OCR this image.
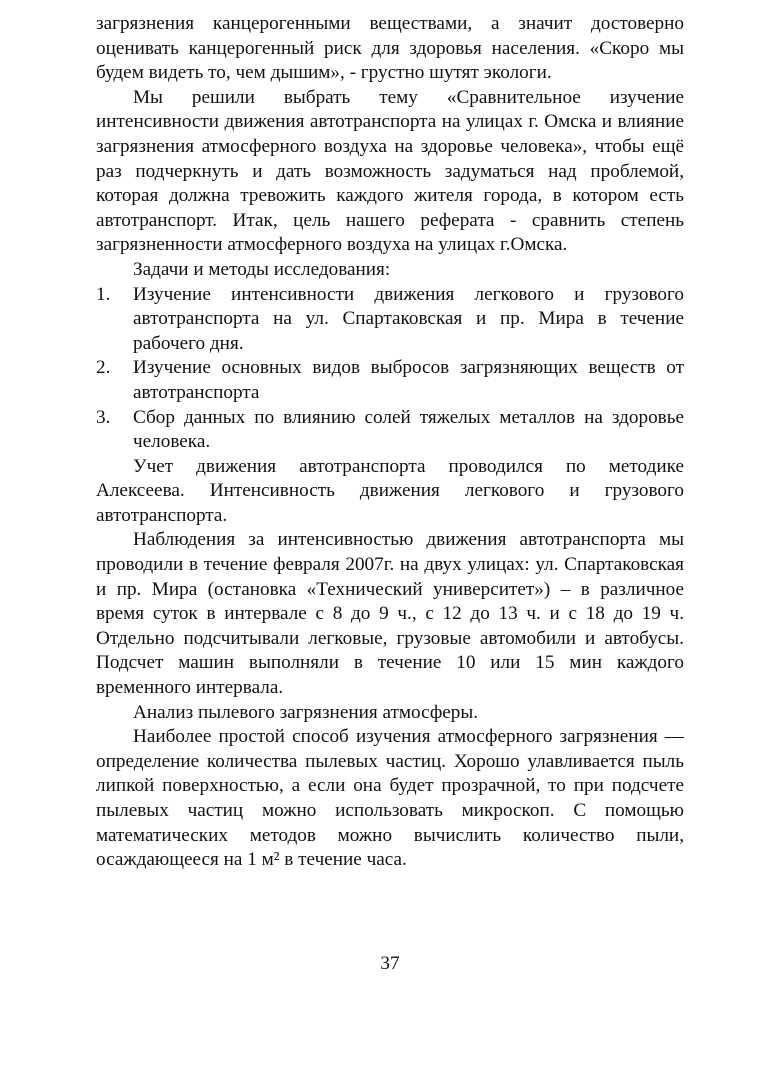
загрязнения канцерогенными веществами, а значит достоверно оценивать канцерогенный риск для здоровья населения. «Скоро мы будем видеть то, чем дышим», - грустно шутят экологи.

Мы решили выбрать тему «Сравнительное изучение интенсивности движения автотранспорта на улицах г. Омска и влияние загрязнения атмосферного воздуха на здоровье человека», чтобы ещё раз подчеркнуть и дать возможность задуматься над проблемой, которая должна тревожить каждого жителя города, в котором есть автотранспорт. Итак, цель нашего реферата - сравнить степень загрязненности атмосферного воздуха на улицах г.Омска.

Задачи и методы исследования:

1.	Изучение интенсивности движения легкового и грузового автотранспорта на ул. Спартаковская и пр. Мира в течение рабочего дня.
2.	Изучение основных видов выбросов загрязняющих веществ от автотранспорта
3.	Сбор данных по влиянию солей тяжелых металлов на здоровье человека.

Учет движения автотранспорта проводился по методике Алексеева. Интенсивность движения легкового и грузового автотранспорта.

Наблюдения за интенсивностью движения автотранспорта мы проводили в течение февраля 2007г. на двух улицах: ул. Спартаковская и пр. Мира (остановка «Технический университет») – в различное время суток в интервале с 8 до 9 ч., с 12 до 13 ч. и с 18 до 19 ч. Отдельно подсчитывали легковые, грузовые автомобили и автобусы. Подсчет машин выполняли в течение 10 или 15 мин каждого временного интервала.

Анализ пылевого загрязнения атмосферы.

Наиболее простой способ изучения атмосферного загрязнения — определение количества пылевых частиц. Хорошо улавливается пыль липкой поверхностью, а если она будет прозрачной, то при подсчете пылевых частиц можно использовать микроскоп. С помощью математических методов можно вычислить количество пыли, осаждающееся на 1 м² в течение часа.

37
